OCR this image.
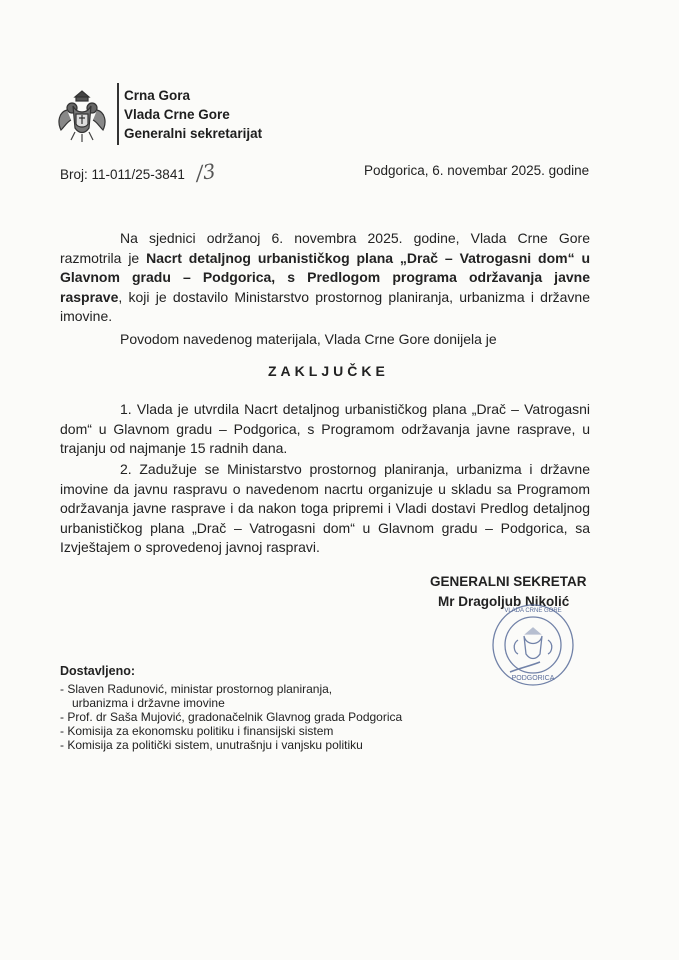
Crna Gora
Vlada Crne Gore
Generalni sekretarijat
Broj: 11-011/25-3841 /3	Podgorica, 6. novembar 2025. godine
Na sjednici održanoj 6. novembra 2025. godine, Vlada Crne Gore razmotrila je Nacrt detaljnog urbanističkog plana „Drač – Vatrogasni dom“ u Glavnom gradu – Podgorica, s Predlogom programa održavanja javne rasprave, koji je dostavilo Ministarstvo prostornog planiranja, urbanizma i državne imovine.
Povodom navedenog materijala, Vlada Crne Gore donijela je
ZAKLJUČKE
1. Vlada je utvrdila Nacrt detaljnog urbanističkog plana „Drač – Vatrogasni dom“ u Glavnom gradu – Podgorica, s Programom održavanja javne rasprave, u trajanju od najmanje 15 radnih dana.
2. Zadužuje se Ministarstvo prostornog planiranja, urbanizma i državne imovine da javnu raspravu o navedenom nacrtu organizuje u skladu sa Programom održavanja javne rasprave i da nakon toga pripremi i Vladi dostavi Predlog detaljnog urbanističkog plana „Drač – Vatrogasni dom“ u Glavnom gradu – Podgorica, sa Izvještajem o sprovedenoj javnoj raspravi.
GENERALNI SEKRETAR
Mr Dragoljub Nikolić
PODGORICA
VLADA CRNE GORE
Dostavljeno:
- Slaven Radunović, ministar prostornog planiranja,
urbanizma i državne imovine
- Prof. dr Saša Mujović, gradonačelnik Glavnog grada Podgorica
- Komisija za ekonomsku politiku i finansijski sistem
- Komisija za politički sistem, unutrašnju i vanjsku politiku
